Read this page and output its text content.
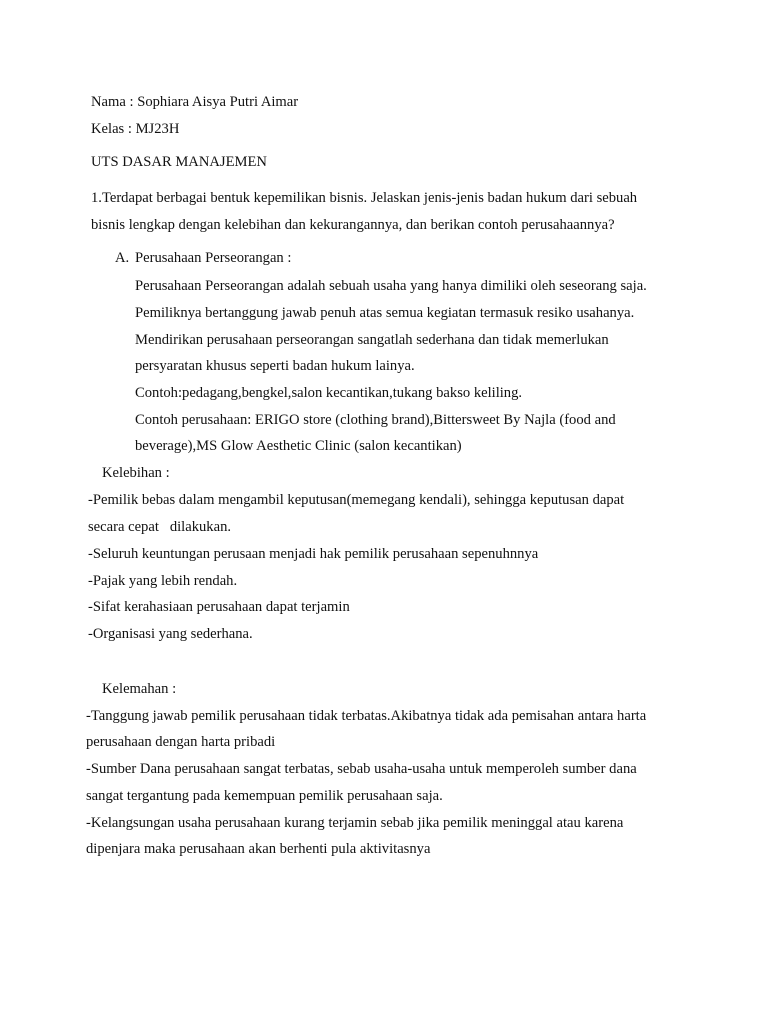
Nama : Sophiara Aisya Putri Aimar
Kelas : MJ23H
UTS DASAR MANAJEMEN
1.Terdapat berbagai bentuk kepemilikan bisnis. Jelaskan jenis-jenis badan hukum dari sebuah
bisnis lengkap dengan kelebihan dan kekurangannya, dan berikan contoh perusahaannya?
A. Perusahaan Perseorangan :
Perusahaan Perseorangan adalah sebuah usaha yang hanya dimiliki oleh seseorang saja.
Pemiliknya bertanggung jawab penuh atas semua kegiatan termasuk resiko usahanya.
Mendirikan perusahaan perseorangan sangatlah sederhana dan tidak memerlukan
persyaratan khusus seperti badan hukum lainya.
Contoh:pedagang,bengkel,salon kecantikan,tukang bakso keliling.
Contoh perusahaan: ERIGO store (clothing brand),Bittersweet By Najla (food and
beverage),MS Glow Aesthetic Clinic (salon kecantikan)
Kelebihan :
-Pemilik bebas dalam mengambil keputusan(memegang kendali), sehingga keputusan dapat
secara cepat   dilakukan.
-Seluruh keuntungan perusaan menjadi hak pemilik perusahaan sepenuhnnya
-Pajak yang lebih rendah.
-Sifat kerahasiaan perusahaan dapat terjamin
-Organisasi yang sederhana.
Kelemahan :
-Tanggung jawab pemilik perusahaan tidak terbatas.Akibatnya tidak ada pemisahan antara harta
perusahaan dengan harta pribadi
-Sumber Dana perusahaan sangat terbatas, sebab usaha-usaha untuk memperoleh sumber dana
sangat tergantung pada kemempuan pemilik perusahaan saja.
-Kelangsungan usaha perusahaan kurang terjamin sebab jika pemilik meninggal atau karena
dipenjara maka perusahaan akan berhenti pula aktivitasnya
